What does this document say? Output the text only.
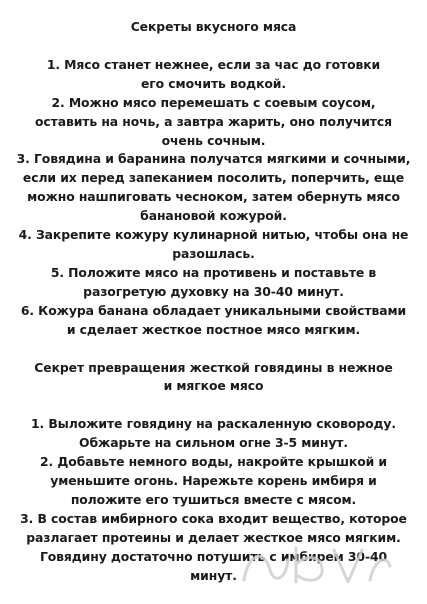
Секреты вкусного мяса

1. Мясо станет нежнее, если за час до готовки его смочить водкой.

2. Можно мясо перемешать с соевым соусом, оставить на ночь, а завтра жарить, оно получится очень сочным.

3. Говядина и баранина получатся мягкими и сочными, если их перед запеканием посолить, поперчить, еще можно нашпиговать чесноком, затем обернуть мясо банановой кожурой.

4. Закрепите кожуру кулинарной нитью, чтобы она не разошлась.

5. Положите мясо на противень и поставьте в разогретую духовку на 30-40 минут.

6. Кожура банана обладает уникальными свойствами и сделает жесткое постное мясо мягким.

Секрет превращения жесткой говядины в нежное и мягкое мясо

1. Выложите говядину на раскаленную сковороду. Обжарьте на сильном огне 3-5 минут.

2. Добавьте немного воды, накройте крышкой и уменьшите огонь. Нарежьте корень имбиря и положите его тушиться вместе с мясом.

3. В состав имбирного сока входит вещество, которое разлагает протеины и делает жесткое мясо мягким. Говядину достаточно потушить с имбирем 30-40 минут.
